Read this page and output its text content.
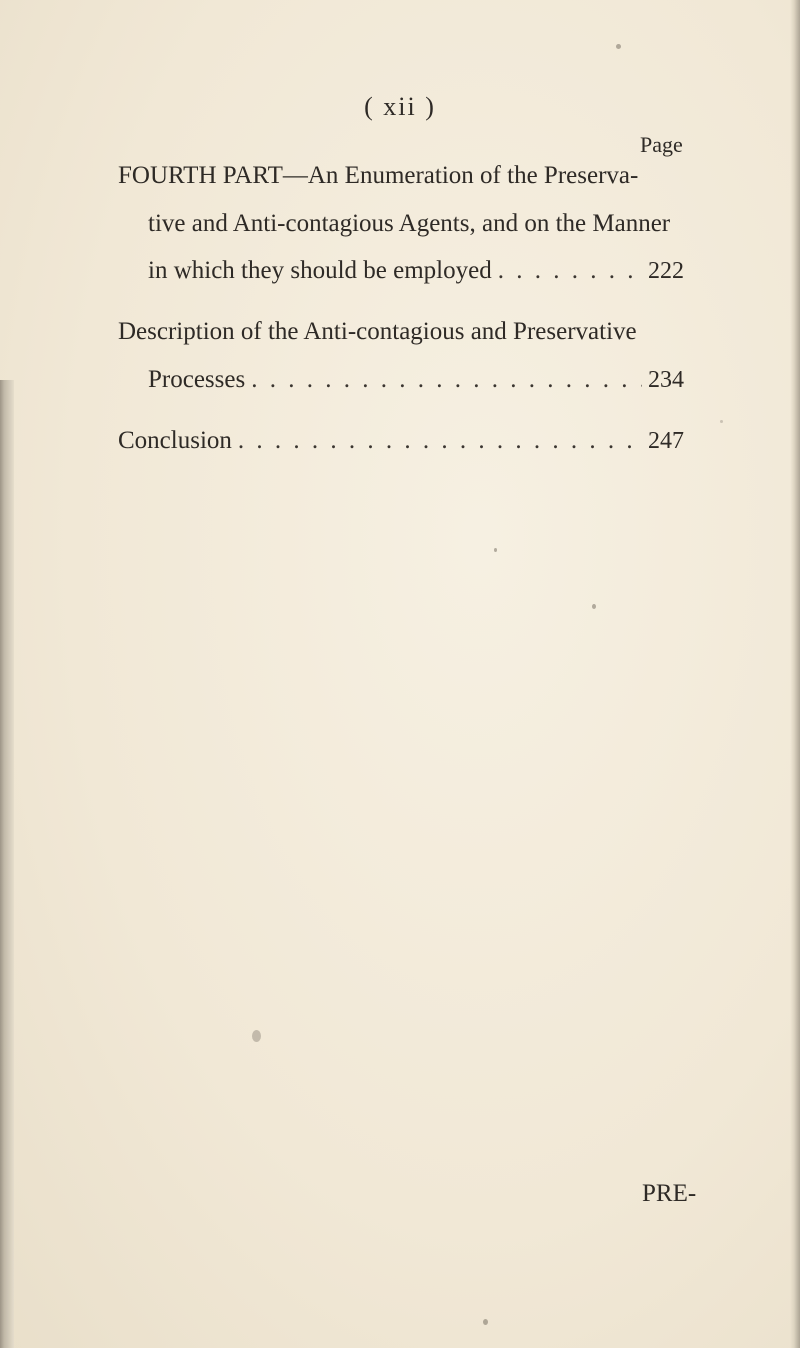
( xii )
Page
FOURTH PART—An Enumeration of the Preserva-
tive and Anti-contagious Agents, and on the Manner
in which they should be employed . . .	222
Description of the Anti-contagious and Preservative
Processes . . .	234
Conclusion . . .	247
PRE-
